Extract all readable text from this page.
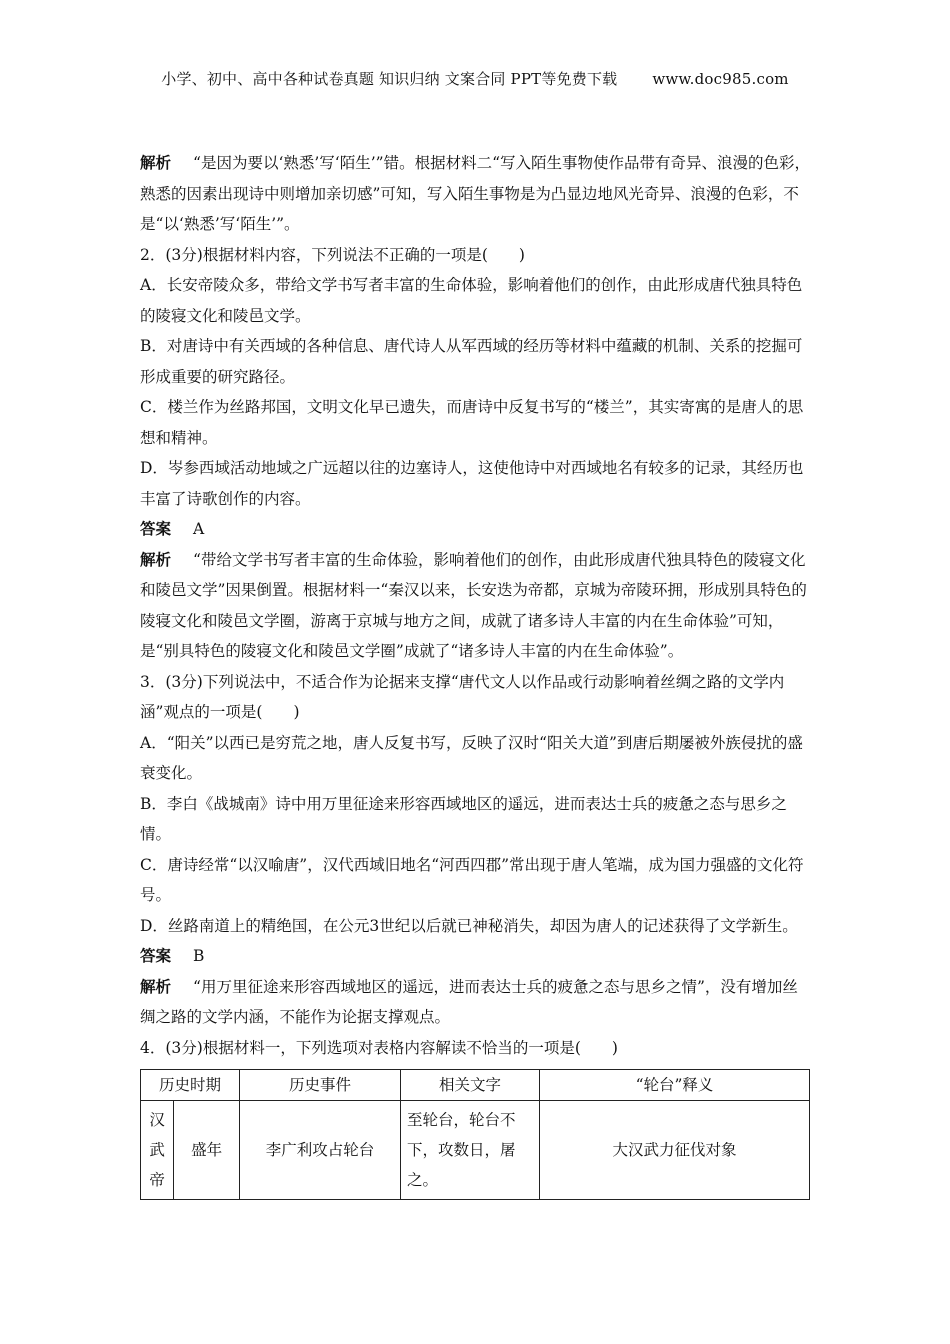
小学、初中、高中各种试卷真题 知识归纳 文案合同 PPT等免费下载 www.doc985.com

解析 “是因为要以‘熟悉’写‘陌生’”错。根据材料二“写入陌生事物使作品带有奇异、浪漫的色彩，熟悉的因素出现诗中则增加亲切感”可知，写入陌生事物是为凸显边地风光奇异、浪漫的色彩，不是“以‘熟悉’写‘陌生’”。

2．(3分)根据材料内容，下列说法不正确的一项是(　　)

A．长安帝陵众多，带给文学书写者丰富的生命体验，影响着他们的创作，由此形成唐代独具特色的陵寝文化和陵邑文学。

B．对唐诗中有关西域的各种信息、唐代诗人从军西域的经历等材料中蕴藏的机制、关系的挖掘可形成重要的研究路径。

C．楼兰作为丝路邦国，文明文化早已遗失，而唐诗中反复书写的“楼兰”，其实寄寓的是唐人的思想和精神。

D．岑参西域活动地域之广远超以往的边塞诗人，这使他诗中对西域地名有较多的记录，其经历也丰富了诗歌创作的内容。

答案 A

解析 “带给文学书写者丰富的生命体验，影响着他们的创作，由此形成唐代独具特色的陵寝文化和陵邑文学”因果倒置。根据材料一“秦汉以来，长安迭为帝都，京城为帝陵环拥，形成别具特色的陵寝文化和陵邑文学圈，游离于京城与地方之间，成就了诸多诗人丰富的内在生命体验”可知，是“别具特色的陵寝文化和陵邑文学圈”成就了“诸多诗人丰富的内在生命体验”。

3．(3分)下列说法中，不适合作为论据来支撑“唐代文人以作品或行动影响着丝绸之路的文学内涵”观点的一项是(　　)

A．“阳关”以西已是穷荒之地，唐人反复书写，反映了汉时“阳关大道”到唐后期屡被外族侵扰的盛衰变化。

B．李白《战城南》诗中用万里征途来形容西域地区的遥远，进而表达士兵的疲惫之态与思乡之情。

C．唐诗经常“以汉喻唐”，汉代西域旧地名“河西四郡”常出现于唐人笔端，成为国力强盛的文化符号。

D．丝路南道上的精绝国，在公元3世纪以后就已神秘消失，却因为唐人的记述获得了文学新生。

答案 B

解析 “用万里征途来形容西域地区的遥远，进而表达士兵的疲惫之态与思乡之情”，没有增加丝绸之路的文学内涵，不能作为论据支撑观点。

4．(3分)根据材料一，下列选项对表格内容解读不恰当的一项是(　　)

历史时期		历史事件	相关文字	“轮台”释义

汉
武
帝	盛年	李广利攻占轮台	至轮台，轮台不下，攻数日，屠之。	大汉武力征伐对象
